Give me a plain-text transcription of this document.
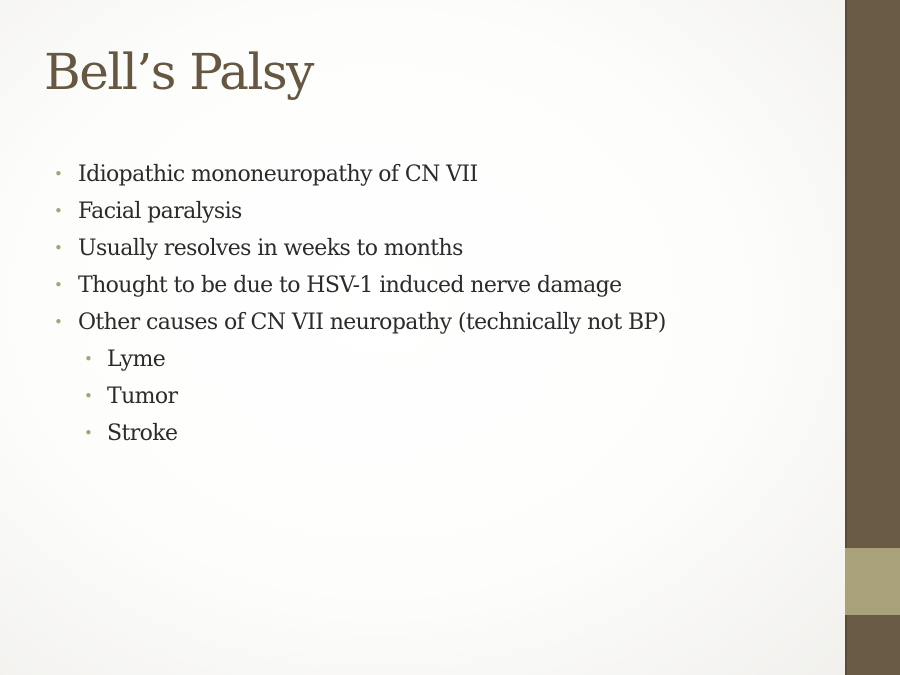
Bell’s Palsy
• Idiopathic mononeuropathy of CN VII
• Facial paralysis
• Usually resolves in weeks to months
• Thought to be due to HSV-1 induced nerve damage
• Other causes of CN VII neuropathy (technically not BP)
• Lyme
• Tumor
• Stroke
